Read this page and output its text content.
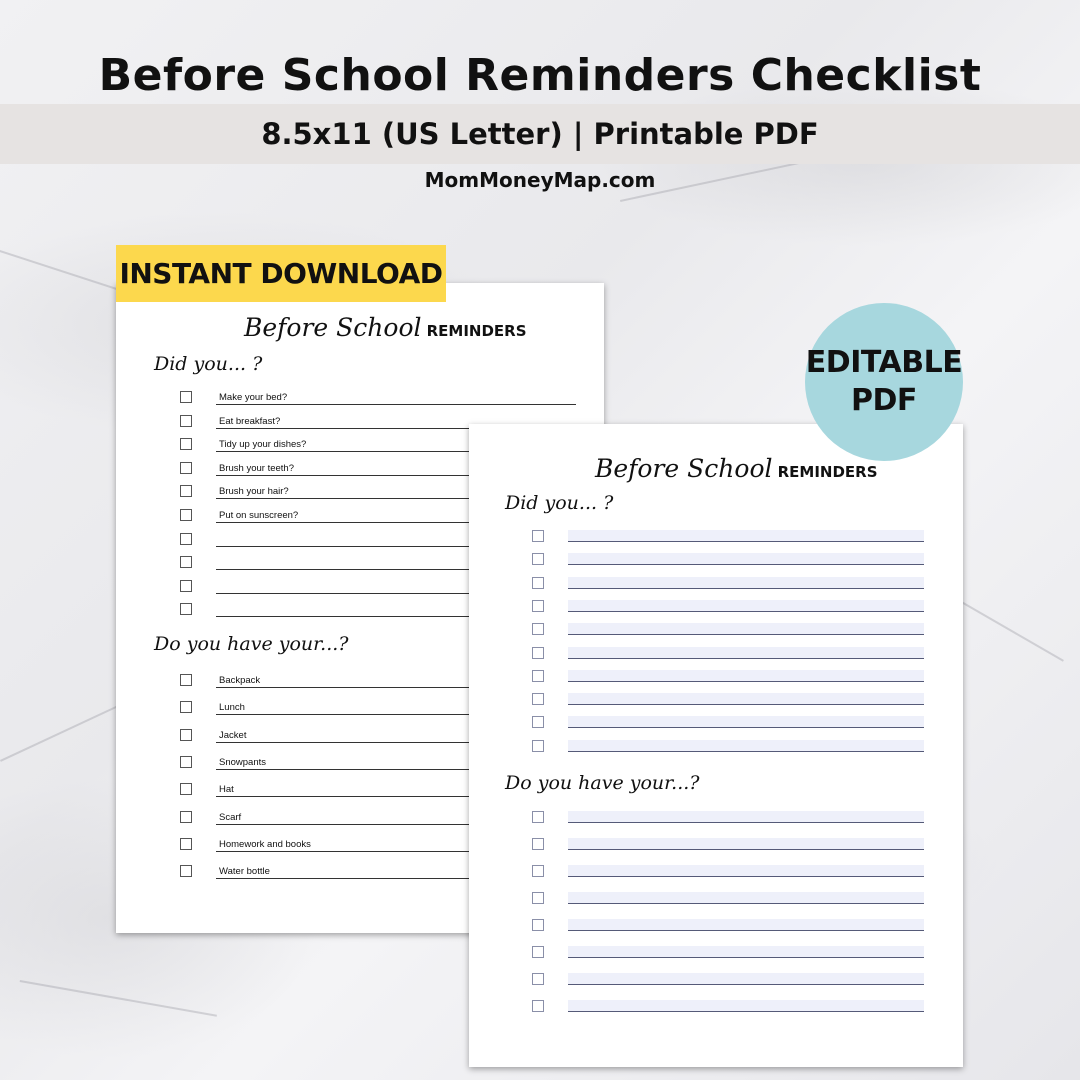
Before School Reminders Checklist
8.5x11 (US Letter) | Printable PDF
MomMoneyMap.com
Before School REMINDERS
Did you... ?
Make your bed?
Eat breakfast?
Tidy up your dishes?
Brush your teeth?
Brush your hair?
Put on sunscreen?
Do you have your...?
Backpack
Lunch
Jacket
Snowpants
Hat
Scarf
Homework and books
Water bottle
Before School REMINDERS
Did you... ?
Do you have your...?
INSTANT DOWNLOAD
EDITABLE
PDF
